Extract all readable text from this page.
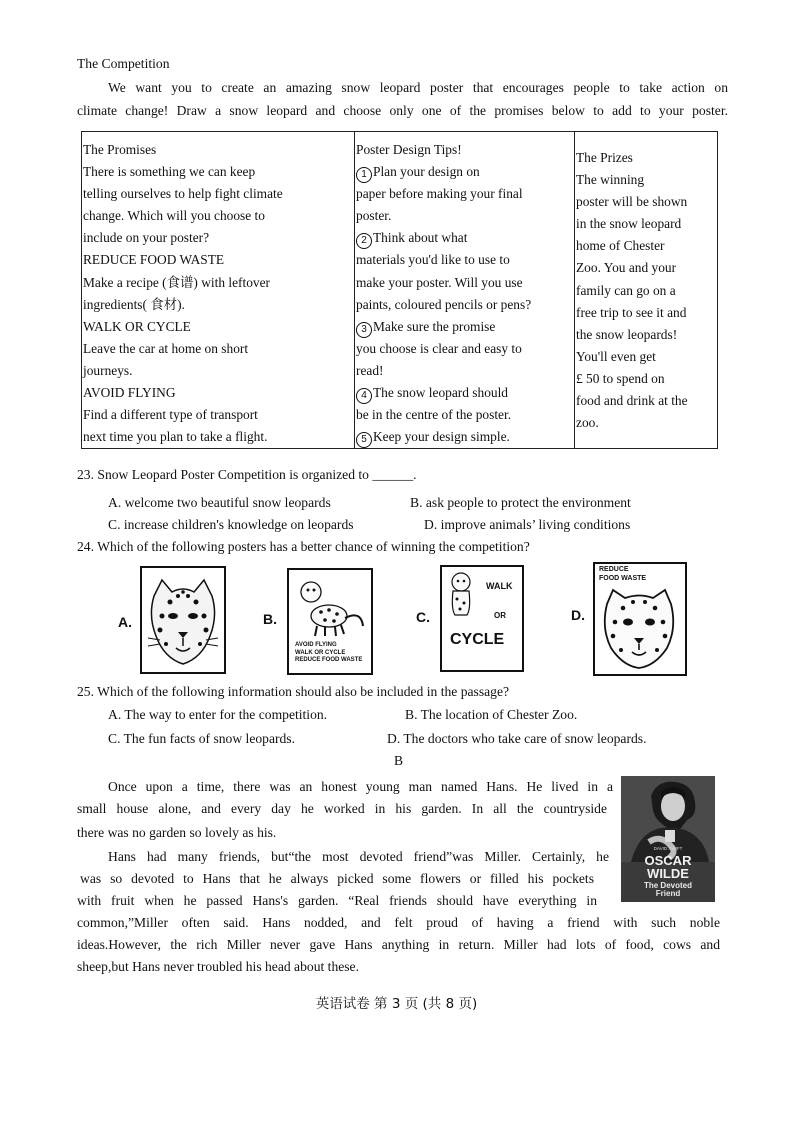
The Competition
We want you to create an amazing snow leopard poster that encourages people to take action on
climate change! Draw a snow leopard and choose only one of the promises below to add to your poster.
The Promises
There is something we can keep
telling ourselves to help fight climate
change. Which will you choose to
include on your poster?
REDUCE FOOD WASTE
Make a recipe (食谱) with leftover
ingredients( 食材).
WALK OR CYCLE
Leave the car at home on short
journeys.
AVOID FLYING
Find a different type of transport
next time you plan to take a flight.

Poster Design Tips!
1 Plan your design on
paper before making your final
poster.
2 Think about what
materials you'd like to use to
make your poster. Will you use
paints, coloured pencils or pens?
3 Make sure the promise
you choose is clear and easy to
read!
4 The snow leopard should
be in the centre of the poster.
5 Keep your design simple.

The Prizes
The winning
poster will be shown
in the snow leopard
home of Chester
Zoo. You and your
family can go on a
free trip to see it and
the snow leopards!
You'll even get
£ 50 to spend on
food and drink at the
zoo.
23. Snow Leopard Poster Competition is organized to ______.
A. welcome two beautiful snow leopards	B. ask people to protect the environment
C. increase children's knowledge on leopards	D. improve animals’ living conditions
24. Which of the following posters has a better chance of winning the competition?
A.	B.	C.	D.
AVOID FLYING
WALK OR CYCLE
REDUCE FOOD WASTE
WALK
OR
CYCLE
REDUCE
FOOD WASTE
25. Which of the following information should also be included in the passage?
A. The way to enter for the competition.	B. The location of Chester Zoo.
C. The fun facts of snow leopards.	D. The doctors who take care of snow leopards.
B
Once upon a time, there was an honest young man named Hans. He lived in a
small house alone, and every day he worked in his garden. In all the countryside
there was no garden so lovely as his.
Hans had many friends, but“the most devoted friend”was Miller. Certainly, he
was so devoted to Hans that he always picked some flowers or filled his pockets
with fruit when he passed Hans's garden. “Real friends should have everything in
common,”Miller often said. Hans nodded, and felt proud of having a friend with such noble
ideas.However, the rich Miller never gave Hans anything in return. Miller had lots of food, cows and
sheep,but Hans never troubled his head about these.
DAVID SWIFT
OSCAR
WILDE
The Devoted
Friend
英语试卷 第 3 页 (共 8 页)
